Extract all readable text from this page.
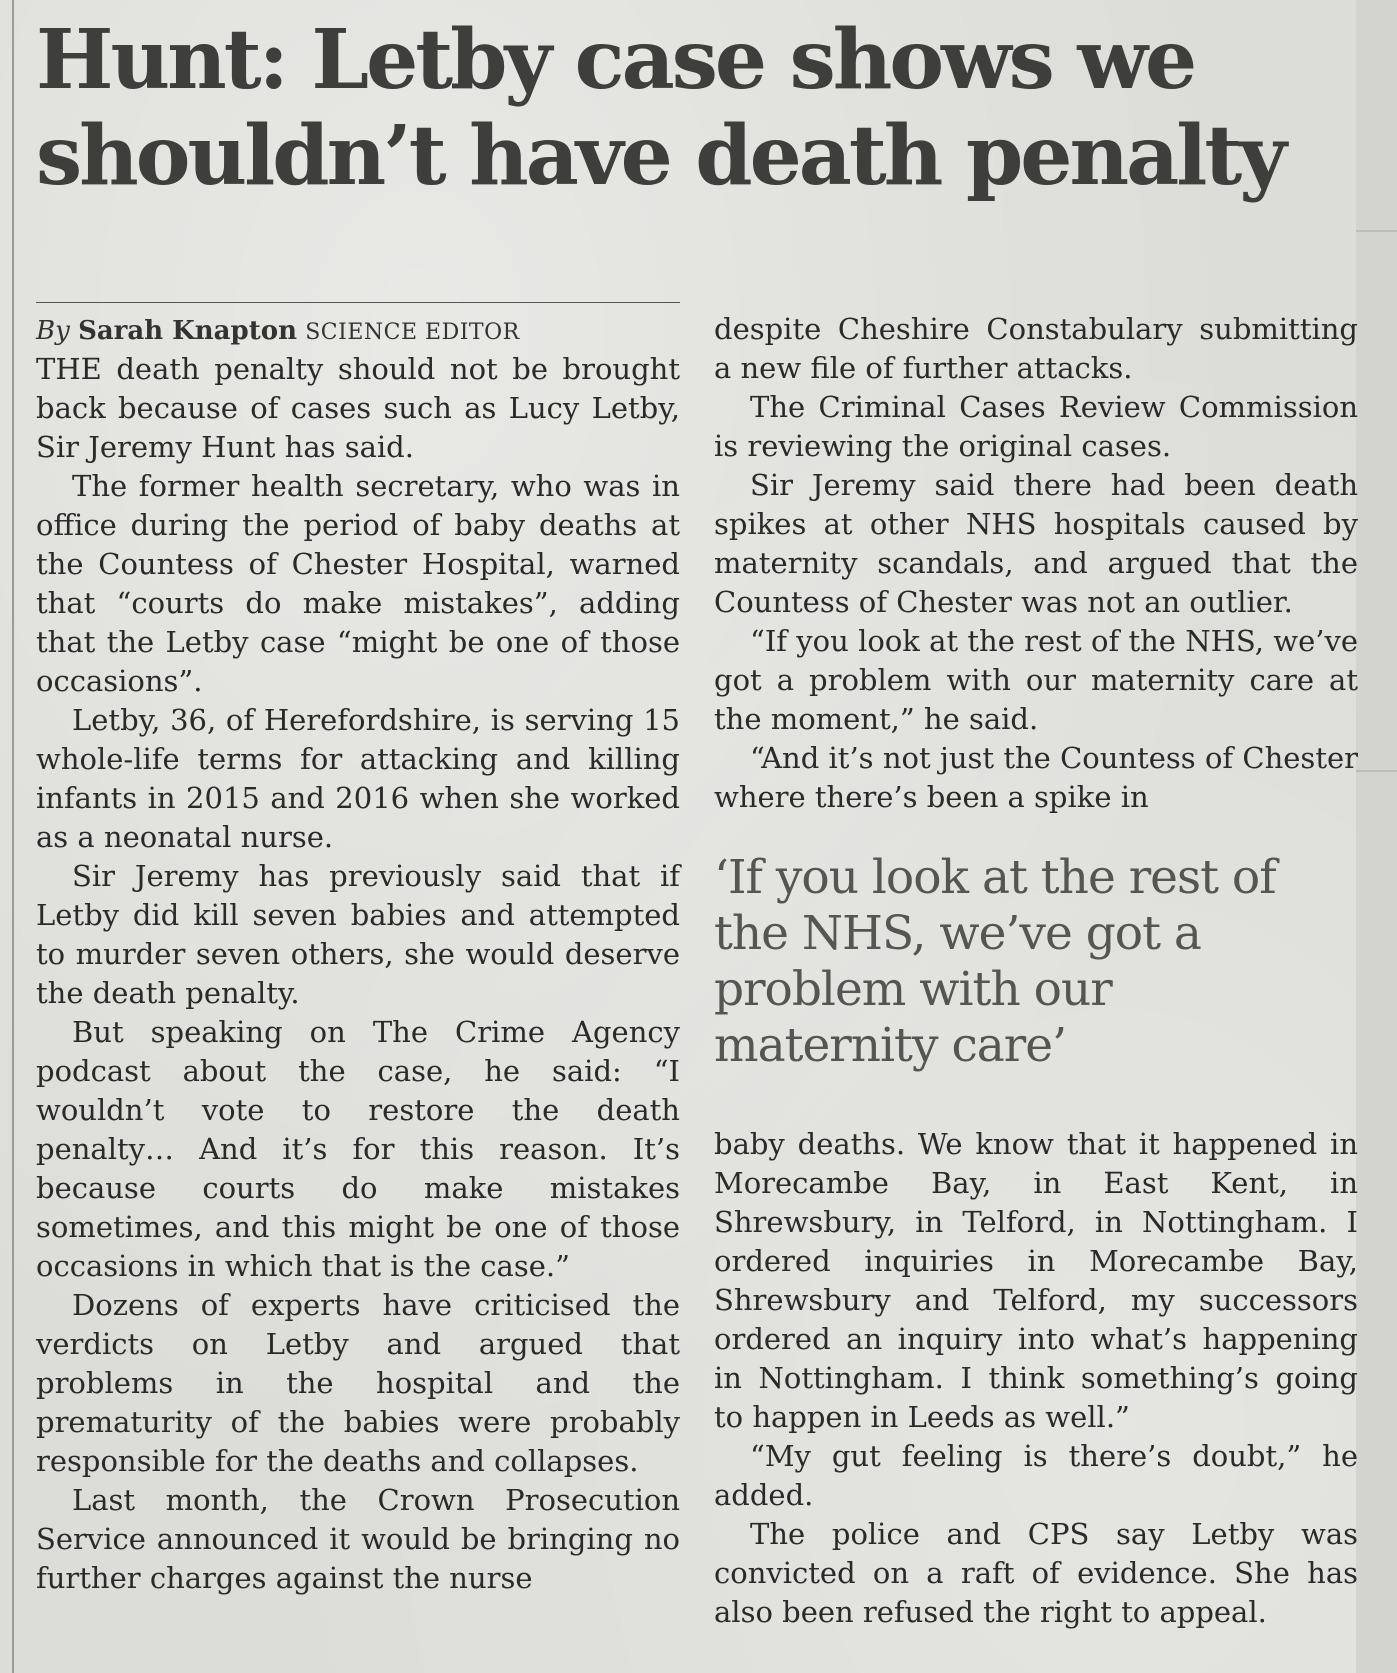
Hunt: Letby case shows we shouldn’t have death penalty
By Sarah Knapton SCIENCE EDITOR

THE death penalty should not be brought back because of cases such as Lucy Letby, Sir Jeremy Hunt has said.

The former health secretary, who was in office during the period of baby deaths at the Countess of Chester Hospital, warned that “courts do make mistakes”, adding that the Letby case “might be one of those occasions”.

Letby, 36, of Herefordshire, is serving 15 whole-life terms for attacking and killing infants in 2015 and 2016 when she worked as a neonatal nurse.

Sir Jeremy has previously said that if Letby did kill seven babies and attempted to murder seven others, she would deserve the death penalty.

But speaking on The Crime Agency podcast about the case, he said: “I wouldn’t vote to restore the death penalty… And it’s for this reason. It’s because courts do make mistakes sometimes, and this might be one of those occasions in which that is the case.”

Dozens of experts have criticised the verdicts on Letby and argued that problems in the hospital and the prematurity of the babies were probably responsible for the deaths and collapses.

Last month, the Crown Prosecution Service announced it would be bringing no further charges against the nurse

despite Cheshire Constabulary submitting a new file of further attacks.

The Criminal Cases Review Commission is reviewing the original cases.

Sir Jeremy said there had been death spikes at other NHS hospitals caused by maternity scandals, and argued that the Countess of Chester was not an outlier.

“If you look at the rest of the NHS, we’ve got a problem with our maternity care at the moment,” he said.

“And it’s not just the Countess of Chester where there’s been a spike in

‘If you look at the rest of the NHS, we’ve got a problem with our maternity care’

baby deaths. We know that it happened in Morecambe Bay, in East Kent, in Shrewsbury, in Telford, in Nottingham. I ordered inquiries in Morecambe Bay, Shrewsbury and Telford, my successors ordered an inquiry into what’s happening in Nottingham. I think something’s going to happen in Leeds as well.”

“My gut feeling is there’s doubt,” he added.

The police and CPS say Letby was convicted on a raft of evidence. She has also been refused the right to appeal.
